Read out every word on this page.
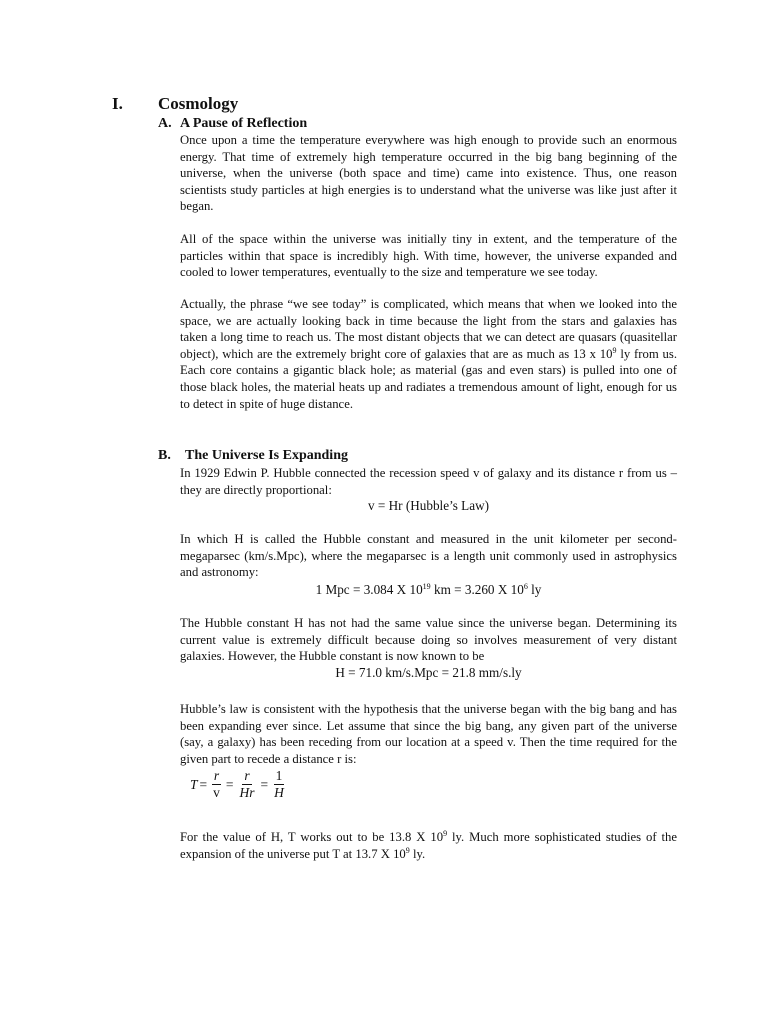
I. Cosmology
A. A Pause of Reflection

Once upon a time the temperature everywhere was high enough to provide such an enormous energy. That time of extremely high temperature occurred in the big bang beginning of the universe, when the universe (both space and time) came into existence. Thus, one reason scientists study particles at high energies is to understand what the universe was like just after it began.

All of the space within the universe was initially tiny in extent, and the temperature of the particles within that space is incredibly high. With time, however, the universe expanded and cooled to lower temperatures, eventually to the size and temperature we see today.

Actually, the phrase “we see today” is complicated, which means that when we looked into the space, we are actually looking back in time because the light from the stars and galaxies has taken a long time to reach us. The most distant objects that we can detect are quasars (quasitellar object), which are the extremely bright core of galaxies that are as much as 13 x $10^9$ ly from us. Each core contains a gigantic black hole; as material (gas and even stars) is pulled into one of those black holes, the material heats up and radiates a tremendous amount of light, enough for us to detect in spite of huge distance.

B. The Universe Is Expanding

In 1929 Edwin P. Hubble connected the recession speed v of galaxy and its distance r from us – they are directly proportional:

v = Hr (Hubble’s Law)

In which H is called the Hubble constant and measured in the unit kilometer per second-megaparsec (km/s.Mpc), where the megaparsec is a length unit commonly used in astrophysics and astronomy:

1 Mpc = 3.084 X $10^{19}$ km = 3.260 X $10^6$ ly

The Hubble constant H has not had the same value since the universe began. Determining its current value is extremely difficult because doing so involves measurement of very distant galaxies. However, the Hubble constant is now known to be

H = 71.0 km/s.Mpc = 21.8 mm/s.ly

Hubble’s law is consistent with the hypothesis that the universe began with the big bang and has been expanding ever since. Let assume that since the big bang, any given part of the universe (say, a galaxy) has been receding from our location at a speed v. Then the time required for the given part to recede a distance r is:

$T = \frac{r}{v} = \frac{r}{Hr} = \frac{1}{H}$

For the value of H, T works out to be 13.8 X $10^9$ ly. Much more sophisticated studies of the expansion of the universe put T at 13.7 X $10^9$ ly.
